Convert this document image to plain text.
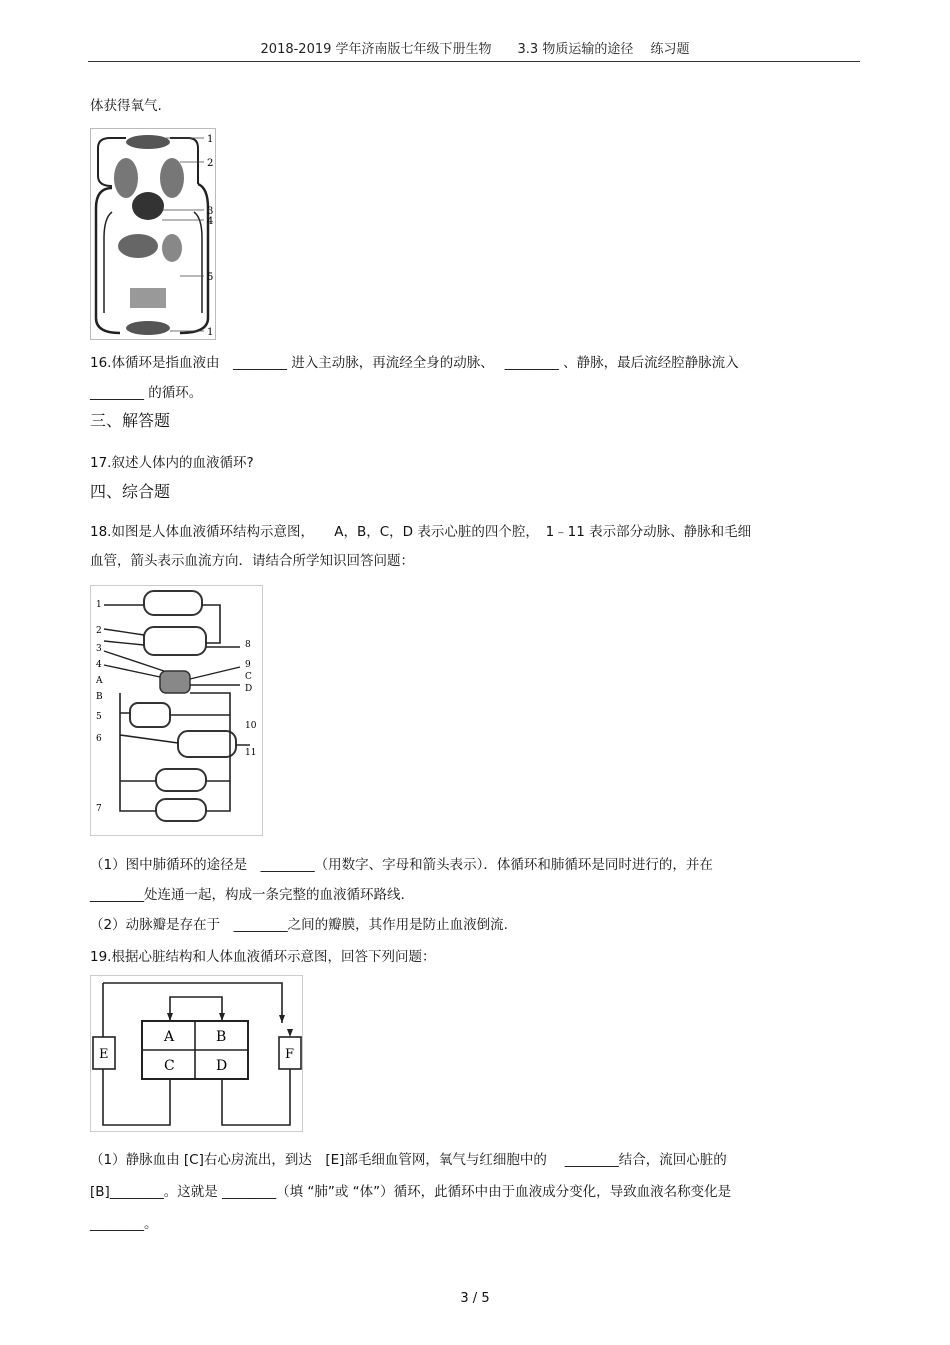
2018-2019 学年济南版七年级下册生物　　3.3 物质运输的途径　 练习题
体获得氧气.
1
2
3
4
5
1
16.体循环是指血液由　________ 进入主动脉，再流经全身的动脉、　 ________ 、静脉，最后流经腔静脉流入
________ 的循环。
三、解答题
17.叙述人体内的血液循环?
四、综合题
18.如图是人体血液循环结构示意图，　　A，B，C，D 表示心脏的四个腔，　1﹣11 表示部分动脉、静脉和毛细
血管，箭头表示血流方向．请结合所学知识回答问题：
1
2
3
4
A
B
5
6
7
8
9
C
D
10
11
（1）图中肺循环的途径是　________（用数字、字母和箭头表示）．体循环和肺循环是同时进行的，并在
________处连通一起，构成一条完整的血液循环路线.
（2）动脉瓣是存在于　________之间的瓣膜，其作用是防止血液倒流.
19.根据心脏结构和人体血液循环示意图，回答下列问题：
A	B
C	D
E	F
（1）静脉血由 [C]右心房流出，到达　[E]部毛细血管网，氧气与红细胞中的　 ________结合，流回心脏的
[B]________。这就是 ________（填 “肺”或 “体”）循环，此循环中由于血液成分变化，导致血液名称变化是
________。
3 / 5
